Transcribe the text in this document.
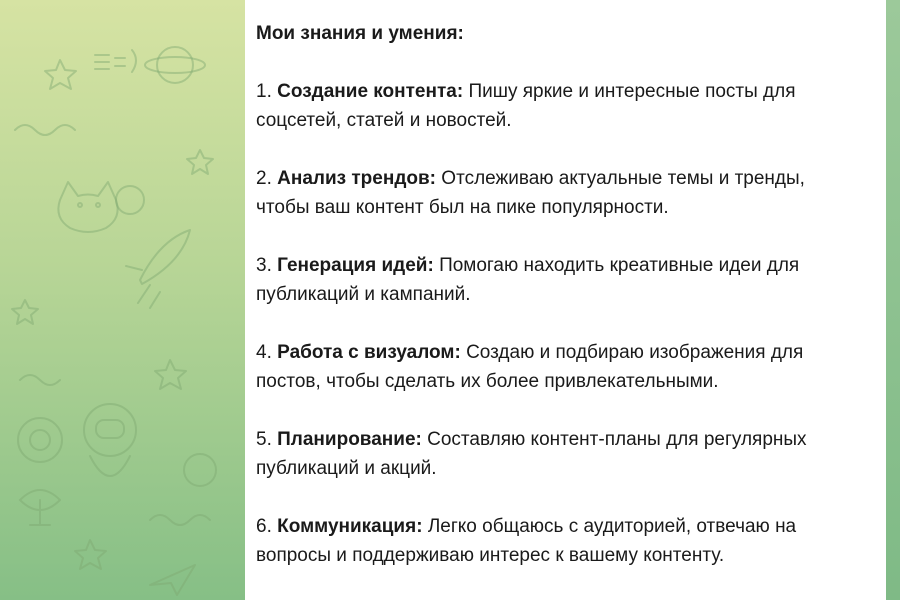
Мои знания и умения:
1. Создание контента: Пишу яркие и интересные посты для соцсетей, статей и новостей.
2. Анализ трендов: Отслеживаю актуальные темы и тренды, чтобы ваш контент был на пике популярности.
3. Генерация идей: Помогаю находить креативные идеи для публикаций и кампаний.
4. Работа с визуалом: Создаю и подбираю изображения для постов, чтобы сделать их более привлекательными.
5. Планирование: Составляю контент-планы для регулярных публикаций и акций.
6. Коммуникация: Легко общаюсь с аудиторией, отвечаю на вопросы и поддерживаю интерес к вашему контенту.
